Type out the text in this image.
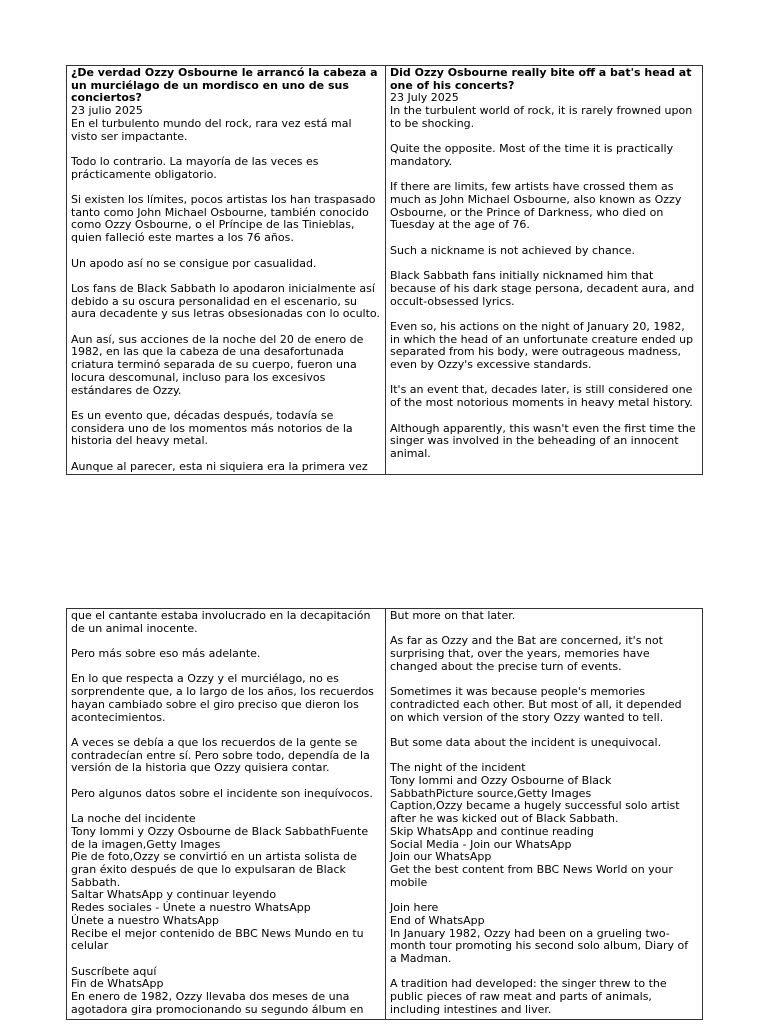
¿De verdad Ozzy Osbourne le arrancó la cabeza a un murciélago de un mordisco en uno de sus conciertos?
23 julio 2025
En el turbulento mundo del rock, rara vez está mal visto ser impactante.
Todo lo contrario. La mayoría de las veces es prácticamente obligatorio.
Si existen los límites, pocos artistas los han traspasado tanto como John Michael Osbourne, también conocido como Ozzy Osbourne, o el Príncipe de las Tinieblas, quien falleció este martes a los 76 años.
Un apodo así no se consigue por casualidad.
Los fans de Black Sabbath lo apodaron inicialmente así debido a su oscura personalidad en el escenario, su aura decadente y sus letras obsesionadas con lo oculto.
Aun así, sus acciones de la noche del 20 de enero de 1982, en las que la cabeza de una desafortunada criatura terminó separada de su cuerpo, fueron una locura descomunal, incluso para los excesivos estándares de Ozzy.
Es un evento que, décadas después, todavía se considera uno de los momentos más notorios de la historia del heavy metal.
Aunque al parecer, esta ni siquiera era la primera vez
Did Ozzy Osbourne really bite off a bat's head at one of his concerts?
23 July 2025
In the turbulent world of rock, it is rarely frowned upon to be shocking.
Quite the opposite. Most of the time it is practically mandatory.
If there are limits, few artists have crossed them as much as John Michael Osbourne, also known as Ozzy Osbourne, or the Prince of Darkness, who died on Tuesday at the age of 76.
Such a nickname is not achieved by chance.
Black Sabbath fans initially nicknamed him that because of his dark stage persona, decadent aura, and occult-obsessed lyrics.
Even so, his actions on the night of January 20, 1982, in which the head of an unfortunate creature ended up separated from his body, were outrageous madness, even by Ozzy's excessive standards.
It's an event that, decades later, is still considered one of the most notorious moments in heavy metal history.
Although apparently, this wasn't even the first time the singer was involved in the beheading of an innocent animal.
que el cantante estaba involucrado en la decapitación de un animal inocente.
Pero más sobre eso más adelante.
En lo que respecta a Ozzy y el murciélago, no es sorprendente que, a lo largo de los años, los recuerdos hayan cambiado sobre el giro preciso que dieron los acontecimientos.
A veces se debía a que los recuerdos de la gente se contradecían entre sí. Pero sobre todo, dependía de la versión de la historia que Ozzy quisiera contar.
Pero algunos datos sobre el incidente son inequívocos.
La noche del incidente
Tony Iommi y Ozzy Osbourne de Black SabbathFuente de la imagen,Getty Images
Pie de foto,Ozzy se convirtió en un artista solista de gran éxito después de que lo expulsaran de Black Sabbath.
Saltar WhatsApp y continuar leyendo
Redes sociales - Únete a nuestro WhatsApp
Únete a nuestro WhatsApp
Recibe el mejor contenido de BBC News Mundo en tu celular
Suscríbete aquí
Fin de WhatsApp
En enero de 1982, Ozzy llevaba dos meses de una agotadora gira promocionando su segundo álbum en
But more on that later.
As far as Ozzy and the Bat are concerned, it's not surprising that, over the years, memories have changed about the precise turn of events.
Sometimes it was because people's memories contradicted each other. But most of all, it depended on which version of the story Ozzy wanted to tell.
But some data about the incident is unequivocal.
The night of the incident
Tony Iommi and Ozzy Osbourne of Black SabbathPicture source,Getty Images
Caption,Ozzy became a hugely successful solo artist after he was kicked out of Black Sabbath.
Skip WhatsApp and continue reading
Social Media - Join our WhatsApp
Join our WhatsApp
Get the best content from BBC News World on your mobile
Join here
End of WhatsApp
In January 1982, Ozzy had been on a grueling two-month tour promoting his second solo album, Diary of a Madman.
A tradition had developed: the singer threw to the public pieces of raw meat and parts of animals, including intestines and liver.
